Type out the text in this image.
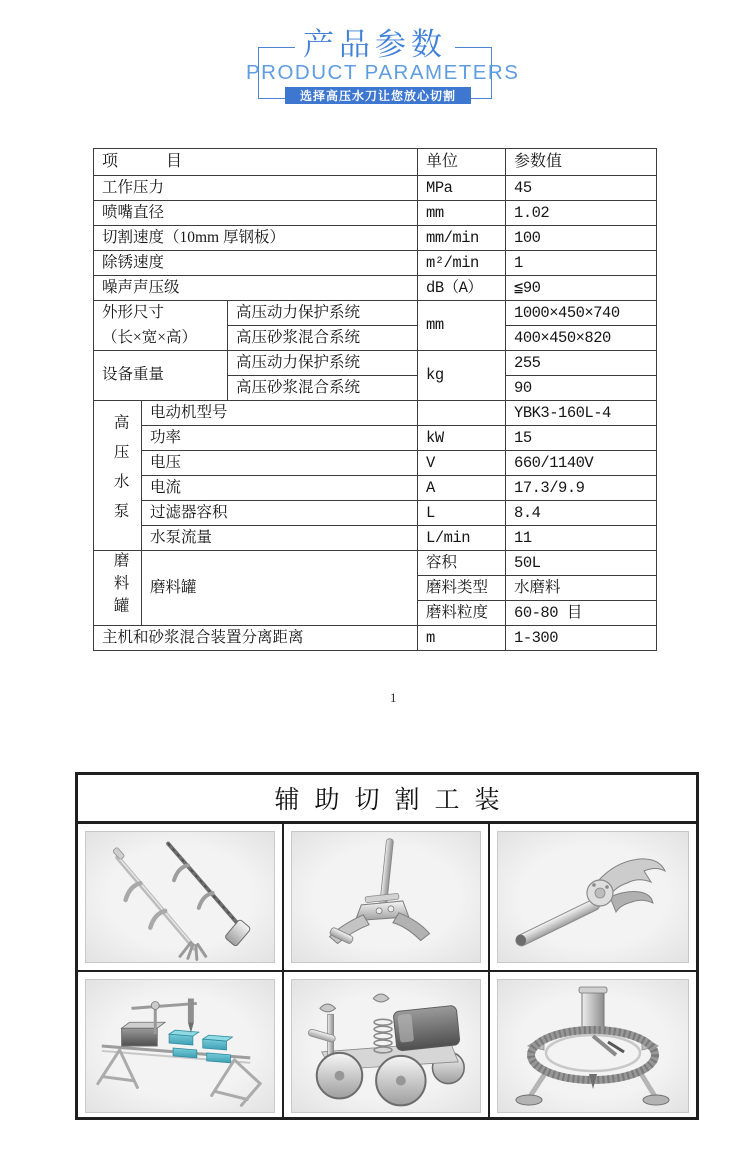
产品参数
PRODUCT PARAMETERS
选择高压水刀让您放心切割
项　　　目			单位	参数值
工作压力			MPa	45
喷嘴直径			mm	1.02
切割速度（10mm 厚钢板）			mm/min	100
除锈速度			m²/min	1
噪声声压级			dB（A）	≦90

外形尺寸
（长×宽×高）		高压动力保护系统	mm	1000×450×740
		高压砂浆混合系统		400×450×820
设备重量		高压动力保护系统	kg	255
		高压砂浆混合系统		90
高压水泵	电动机型号			YBK3-160L-4
	功率		kW	15
	电压		V	660/1140V
	电流		A	17.3/9.9
	过滤器容积		L	8.4
	水泵流量		L/min	11
磨料罐	磨料罐		容积	50L
			磨料类型	水磨料
			磨料粒度	60-80 目
主机和砂浆混合装置分离距离			m	1-300
1
辅助切割工装
